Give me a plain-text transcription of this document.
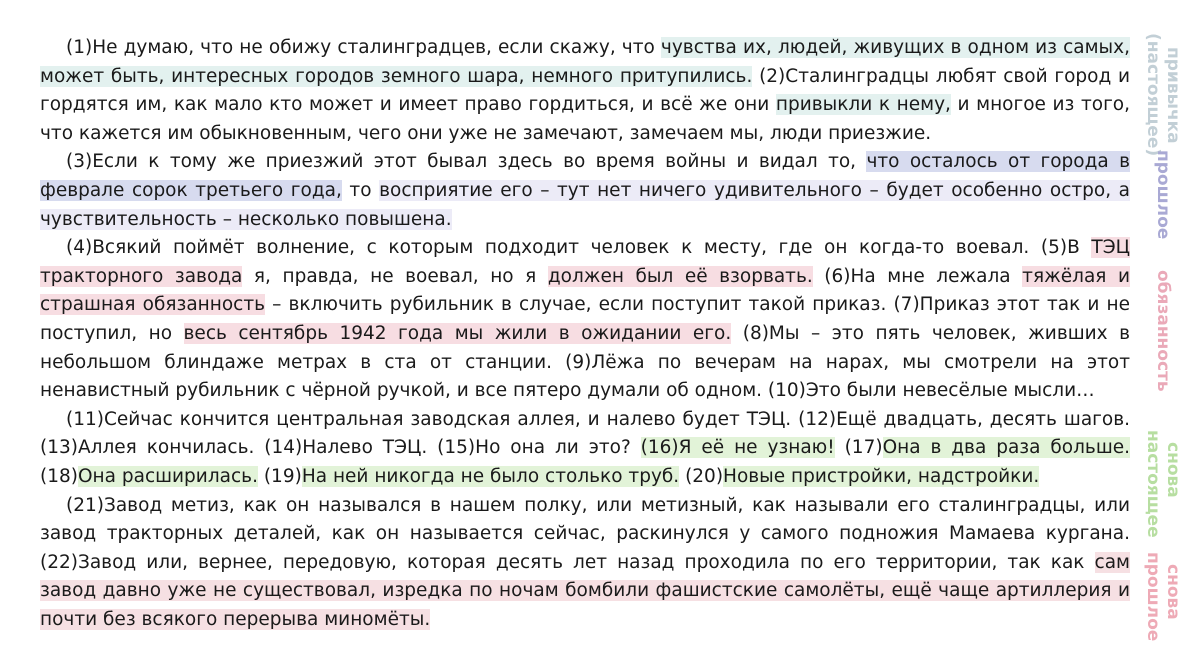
(1)Не думаю, что не обижу сталинградцев, если скажу, что чувства их, людей, живущих в одном из самых, может быть, интересных городов земного шара, немного притупились. (2)Сталинградцы любят свой город и гордятся им, как мало кто может и имеет право гордиться, и всё же они привыкли к нему, и многое из того, что кажется им обыкновенным, чего они уже не замечают, замечаем мы, люди приезжие.

(3)Если к тому же приезжий этот бывал здесь во время войны и видал то, что осталось от города в феврале сорок третьего года, то восприятие его – тут нет ничего удивительного – будет особенно остро, а чувствительность – несколько повышена.

(4)Всякий поймёт волнение, с которым подходит человек к месту, где он когда-то воевал. (5)В ТЭЦ тракторного завода я, правда, не воевал, но я должен был её взорвать. (6)На мне лежала тяжёлая и страшная обязанность – включить рубильник в случае, если поступит такой приказ. (7)Приказ этот так и не поступил, но весь сентябрь 1942 года мы жили в ожидании его. (8)Мы – это пять человек, живших в небольшом блиндаже метрах в ста от станции. (9)Лёжа по вечерам на нарах, мы смотрели на этот ненавистный рубильник с чёрной ручкой, и все пятеро думали об одном. (10)Это были невесёлые мысли…

(11)Сейчас кончится центральная заводская аллея, и налево будет ТЭЦ. (12)Ещё двадцать, десять шагов. (13)Аллея кончилась. (14)Налево ТЭЦ. (15)Но она ли это? (16)Я её не узнаю! (17)Она в два раза больше. (18)Она расширилась. (19)На ней никогда не было столько труб. (20)Новые пристройки, надстройки.

(21)Завод метиз, как он назывался в нашем полку, или метизный, как называли его сталинградцы, или завод тракторных деталей, как он называется сейчас, раскинулся у самого подножия Мамаева кургана. (22)Завод или, вернее, передовую, которая десять лет назад проходила по его территории, так как сам завод давно уже не существовал, изредка по ночам бомбили фашистские самолёты, ещё чаще артиллерия и почти без всякого перерыва миномёты.

привычка
(настоящее)
прошлое
обязанность
снова
настоящее
снова
прошлое
